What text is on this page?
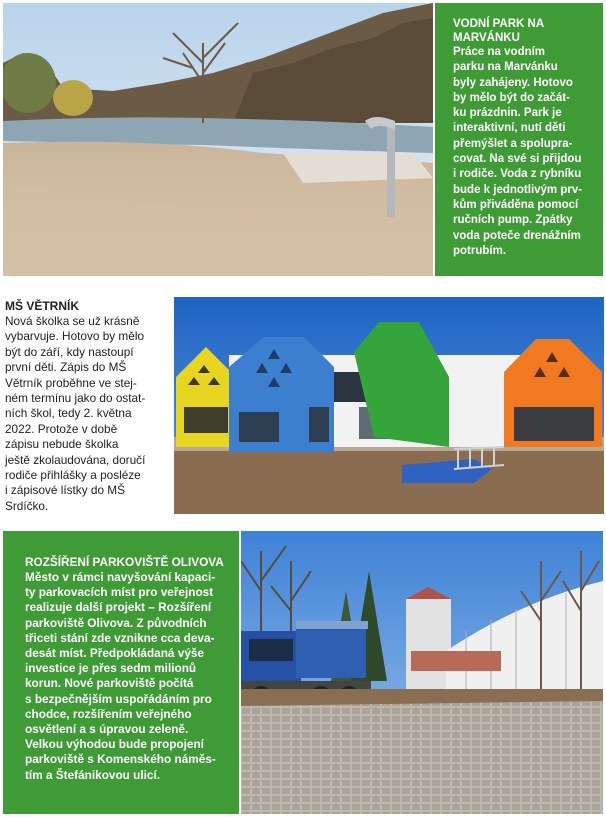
VODNÍ PARK NA MARVÁNKU
Práce na vodním
parku na Marvánku
byly zahájeny. Hotovo
by mělo být do začát-
ku prázdnin. Park je
interaktivní, nutí děti
přemýšlet a spolupra-
covat. Na své si přijdou
i rodiče. Voda z rybníku
bude k jednotlivým prv-
kům přiváděna pomocí
ručních pump. Zpátky
voda poteče drenážním
potrubím.
MŠ VĚTRNÍK
Nová školka se už krásně
vybarvuje. Hotovo by mělo
být do září, kdy nastoupí
první děti. Zápis do MŠ
Větrník proběhne ve stej-
ném termínu jako do ostat-
ních škol, tedy 2. května
2022. Protože v době
zápisu nebude školka
ještě zkolaudována, doručí
rodiče přihlášky a posléze
i zápisové lístky do MŠ
Srdíčko.
ROZŠÍŘENÍ PARKOVIŠTĚ OLIVOVA
Město v rámci navyšování kapaci-
ty parkovacích míst pro veřejnost
realizuje další projekt – Rozšíření
parkoviště Olivova. Z původních
třiceti stání zde vznikne cca deva-
desát míst. Předpokládaná výše
investice je přes sedm milionů
korun. Nové parkoviště počítá
s bezpečnějším uspořádáním pro
chodce, rozšířením veřejného
osvětlení a s úpravou zeleně.
Velkou výhodou bude propojení
parkoviště s Komenského náměs-
tím a Štefánikovou ulicí.
